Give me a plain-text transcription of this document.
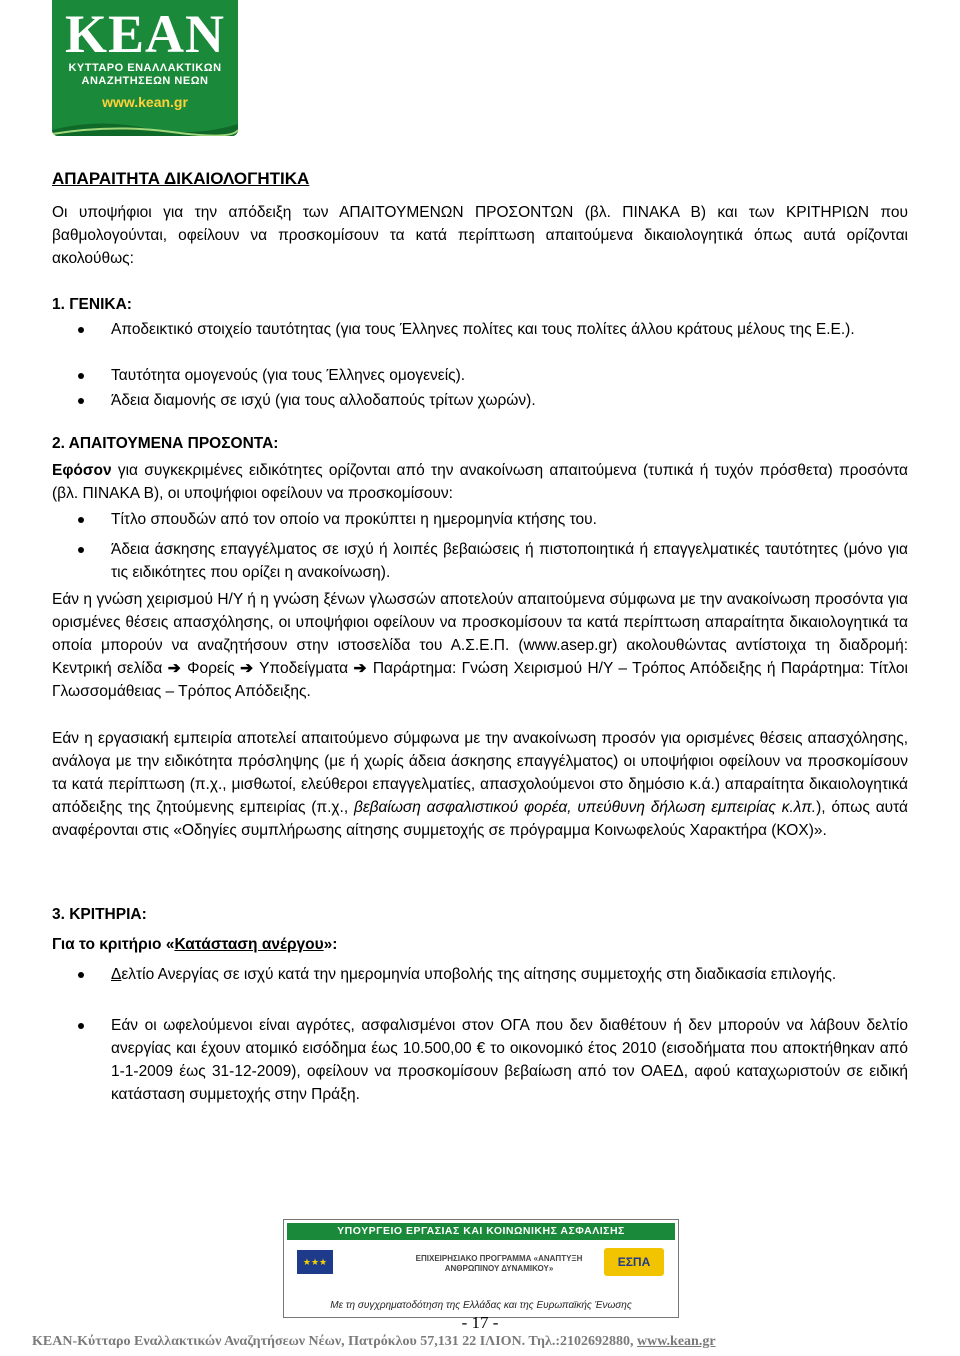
ΚΕΑΝ
ΚΥΤΤΑΡΟ ΕΝΑΛΛΑΚΤΙΚΩΝ
ΑΝΑΖΗΤΗΣΕΩΝ ΝΕΩΝ
www.kean.gr
ΑΠΑΡΑΙΤΗΤΑ ΔΙΚΑΙΟΛΟΓΗΤΙΚΑ

Οι υποψήφιοι για την απόδειξη των ΑΠΑΙΤΟΥΜΕΝΩΝ ΠΡΟΣΟΝΤΩΝ (βλ. ΠΙΝΑΚΑ Β) και των ΚΡΙΤΗΡΙΩΝ που βαθμολογούνται, οφείλουν να προσκομίσουν τα κατά περίπτωση απαιτούμενα δικαιολογητικά όπως αυτά ορίζονται ακολούθως:

1. ΓΕΝΙΚΑ:
Αποδεικτικό στοιχείο ταυτότητας (για τους Έλληνες πολίτες και τους πολίτες άλλου κράτους μέλους της Ε.Ε.).
Ταυτότητα ομογενούς (για τους Έλληνες ομογενείς).
Άδεια διαμονής σε ισχύ (για τους αλλοδαπούς τρίτων χωρών).
2. ΑΠΑΙΤΟΥΜΕΝΑ ΠΡΟΣΟΝΤΑ:

Εφόσον για συγκεκριμένες ειδικότητες ορίζονται από την ανακοίνωση απαιτούμενα (τυπικά ή τυχόν πρόσθετα) προσόντα (βλ. ΠΙΝΑΚΑ Β), οι υποψήφιοι οφείλουν να προσκομίσουν:

Τίτλο σπουδών από τον οποίο να προκύπτει η ημερομηνία κτήσης του.
Άδεια άσκησης επαγγέλματος σε ισχύ ή λοιπές βεβαιώσεις ή πιστοποιητικά ή επαγγελματικές ταυτότητες (μόνο για τις ειδικότητες που ορίζει η ανακοίνωση).

Εάν η γνώση χειρισμού Η/Υ ή η γνώση ξένων γλωσσών αποτελούν απαιτούμενα σύμφωνα με την ανακοίνωση προσόντα για ορισμένες θέσεις απασχόλησης, οι υποψήφιοι οφείλουν να προσκομίσουν τα κατά περίπτωση απαραίτητα δικαιολογητικά τα οποία μπορούν να αναζητήσουν στην ιστοσελίδα του Α.Σ.Ε.Π. (www.asep.gr) ακολουθώντας αντίστοιχα τη διαδρομή: Κεντρική σελίδα ➔ Φορείς ➔ Υποδείγματα ➔ Παράρτημα: Γνώση Χειρισμού Η/Υ – Τρόπος Απόδειξης ή Παράρτημα: Τίτλοι Γλωσσομάθειας – Τρόπος Απόδειξης.

Εάν η εργασιακή εμπειρία αποτελεί απαιτούμενο σύμφωνα με την ανακοίνωση προσόν για ορισμένες θέσεις απασχόλησης, ανάλογα με την ειδικότητα πρόσληψης (με ή χωρίς άδεια άσκησης επαγγέλματος) οι υποψήφιοι οφείλουν να προσκομίσουν τα κατά περίπτωση (π.χ., μισθωτοί, ελεύθεροι επαγγελματίες, απασχολούμενοι στο δημόσιο κ.ά.) απαραίτητα δικαιολογητικά απόδειξης της ζητούμενης εμπειρίας (π.χ., βεβαίωση ασφαλιστικού φορέα, υπεύθυνη δήλωση εμπειρίας κ.λπ.), όπως αυτά αναφέρονται στις «Οδηγίες συμπλήρωσης αίτησης συμμετοχής σε πρόγραμμα Κοινωφελούς Χαρακτήρα (ΚΟΧ)».

3. ΚΡΙΤΗΡΙΑ:
Για το κριτήριο «Κατάσταση ανέργου»:
Δελτίο Ανεργίας σε ισχύ κατά την ημερομηνία υποβολής της αίτησης συμμετοχής στη διαδικασία επιλογής.
Εάν οι ωφελούμενοι είναι αγρότες, ασφαλισμένοι στον ΟΓΑ που δεν διαθέτουν ή δεν μπορούν να λάβουν δελτίο ανεργίας και έχουν ατομικό εισόδημα έως 10.500,00 € το οικονομικό έτος 2010 (εισοδήματα που αποκτήθηκαν από 1-1-2009 έως 31-12-2009), οφείλουν να προσκομίσουν βεβαίωση από τον ΟΑΕΔ, αφού καταχωριστούν σε ειδική κατάσταση συμμετοχής στην Πράξη.
ΥΠΟΥΡΓΕΙΟ ΕΡΓΑΣΙΑΣ ΚΑΙ ΚΟΙΝΩΝΙΚΗΣ ΑΣΦΑΛΙΣΗΣ
★★★	ΕΠΙΧΕΙΡΗΣΙΑΚΟ ΠΡΟΓΡΑΜΜΑ «ΑΝΑΠΤΥΞΗ ΑΝΘΡΩΠΙΝΟΥ ΔΥΝΑΜΙΚΟΥ»	ΕΣΠΑ
Με τη συγχρηματοδότηση της Ελλάδας και της Ευρωπαϊκής Ένωσης
- 17 -
ΚΕΑΝ-Κύτταρο Εναλλακτικών Αναζητήσεων Νέων, Πατρόκλου 57,131 22 ΙΛΙΟΝ. Τηλ.:2102692880, www.kean.gr
